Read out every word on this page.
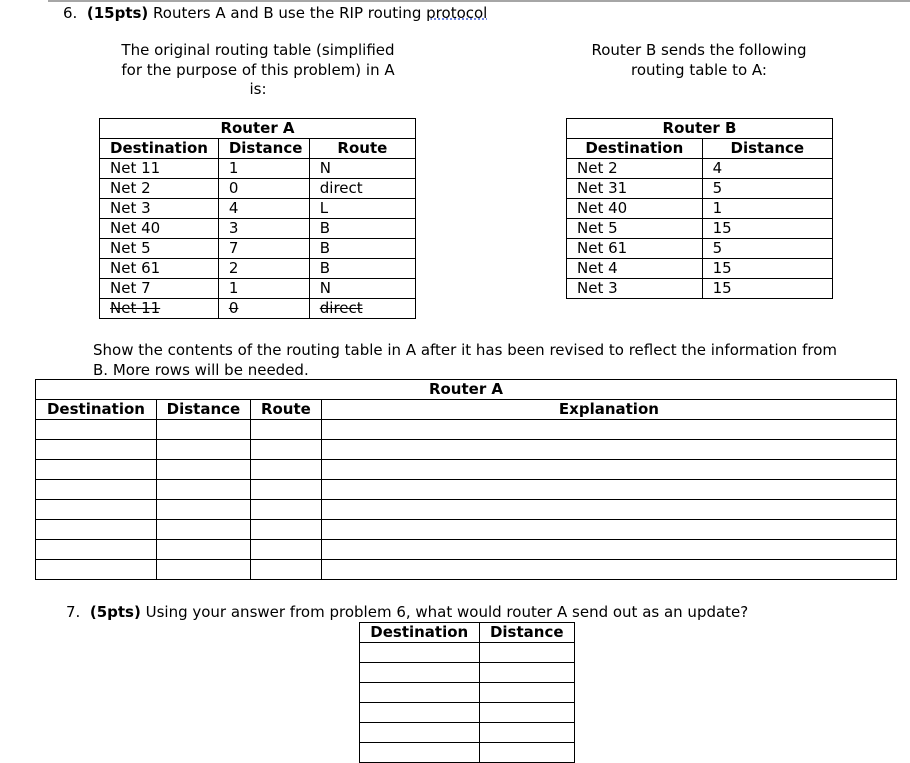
6. (15pts) Routers A and B use the RIP routing protocol
The original routing table (simplified
for the purpose of this problem) in A
is:
Router B sends the following
routing table to A:
Router A		
Destination	Distance	Route
Net 11	1	N
Net 2	0	direct
Net 3	4	L
Net 40	3	B
Net 5	7	B
Net 61	2	B
Net 7	1	N
Net 11	0	direct
Router B	
Destination	Distance
Net 2	4
Net 31	5
Net 40	1
Net 5	15
Net 61	5
Net 4	15
Net 3	15
Show the contents of the routing table in A after it has been revised to reflect the information from
B. More rows will be needed.
Router A			
Destination	Distance	Route	Explanation

7. (5pts) Using your answer from problem 6, what would router A send out as an update?
Destination	Distance
